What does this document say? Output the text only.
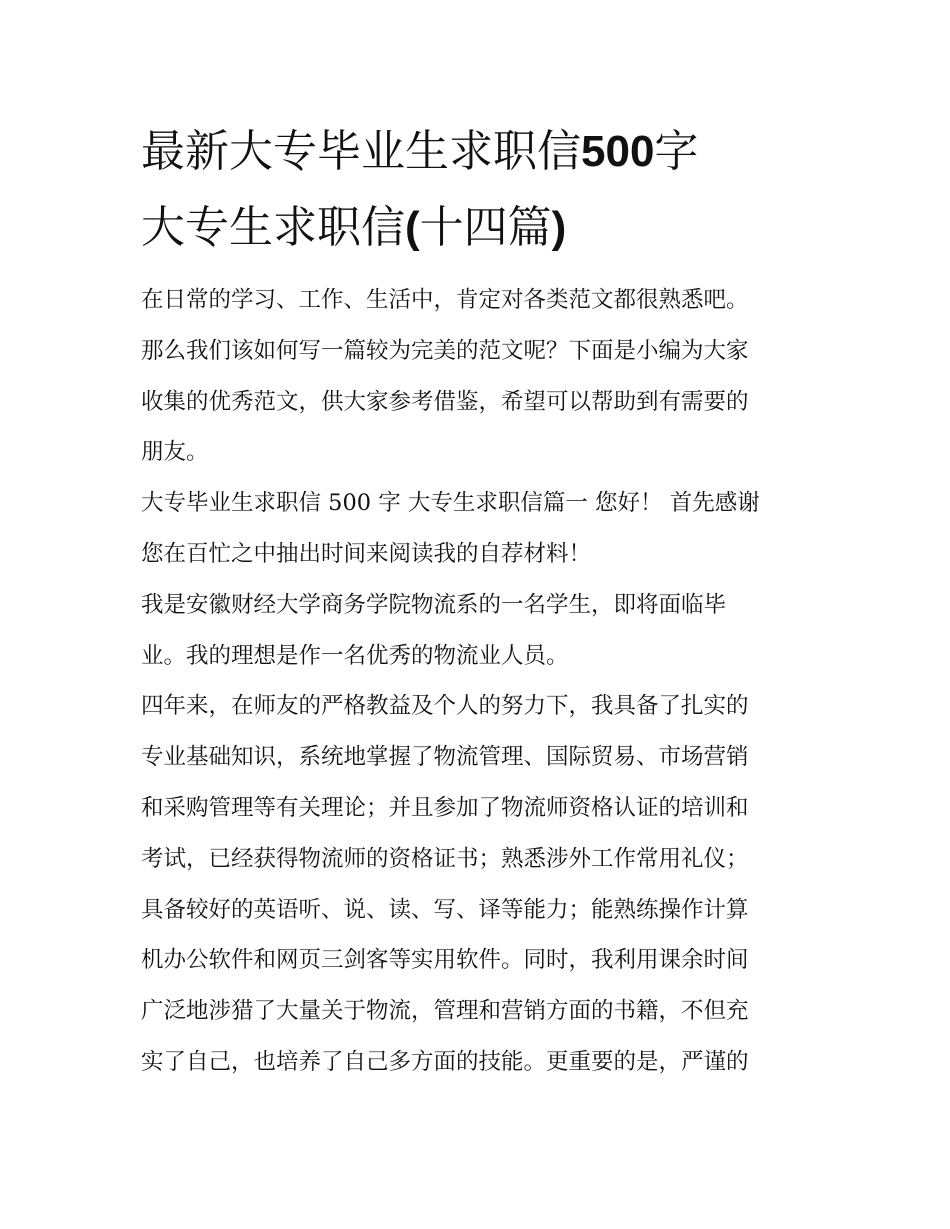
最新大专毕业生求职信500字
大专生求职信(十四篇)
在日常的学习、工作、生活中，肯定对各类范文都很熟悉吧。
那么我们该如何写一篇较为完美的范文呢？下面是小编为大家
收集的优秀范文，供大家参考借鉴，希望可以帮助到有需要的
朋友。
大专毕业生求职信 500 字 大专生求职信篇一 您好！ 首先感谢
您在百忙之中抽出时间来阅读我的自荐材料！
我是安徽财经大学商务学院物流系的一名学生，即将面临毕
业。我的理想是作一名优秀的物流业人员。
四年来，在师友的严格教益及个人的努力下，我具备了扎实的
专业基础知识，系统地掌握了物流管理、国际贸易、市场营销
和采购管理等有关理论；并且参加了物流师资格认证的培训和
考试，已经获得物流师的资格证书；熟悉涉外工作常用礼仪；
具备较好的英语听、说、读、写、译等能力；能熟练操作计算
机办公软件和网页三剑客等实用软件。同时，我利用课余时间
广泛地涉猎了大量关于物流，管理和营销方面的书籍，不但充
实了自己，也培养了自己多方面的技能。更重要的是，严谨的
